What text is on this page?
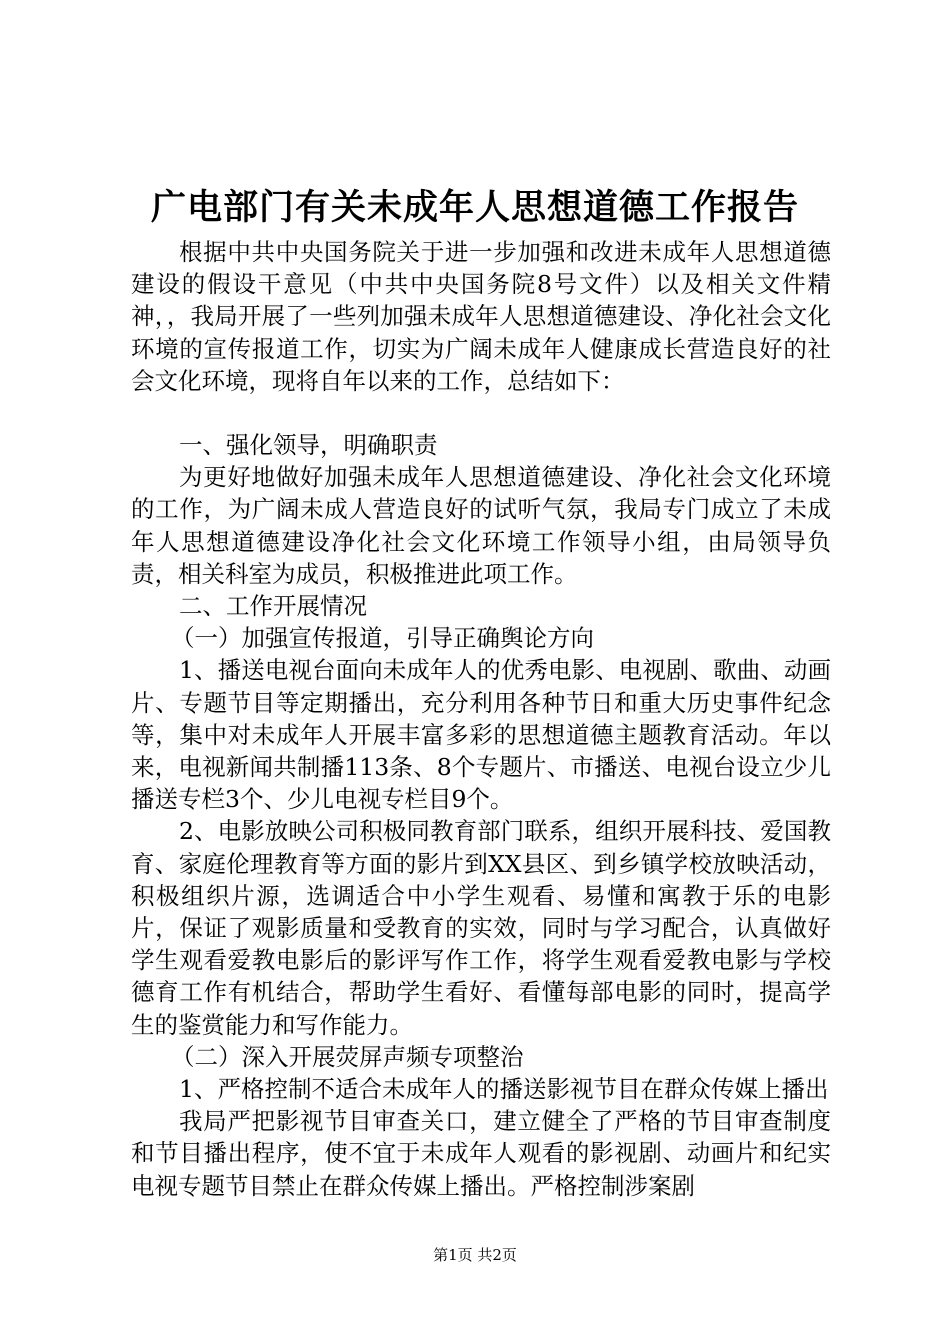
广电部门有关未成年人思想道德工作报告

根据中共中央国务院关于进一步加强和改进未成年人思想道德建设的假设干意见（中共中央国务院8号文件）以及相关文件精神，，我局开展了一些列加强未成年人思想道德建设、净化社会文化环境的宣传报道工作，切实为广阔未成年人健康成长营造良好的社会文化环境，现将自年以来的工作，总结如下：

一、强化领导，明确职责

为更好地做好加强未成年人思想道德建设、净化社会文化环境的工作，为广阔未成人营造良好的试听气氛，我局专门成立了未成年人思想道德建设净化社会文化环境工作领导小组，由局领导负责，相关科室为成员，积极推进此项工作。

二、工作开展情况

（一）加强宣传报道，引导正确舆论方向

1、播送电视台面向未成年人的优秀电影、电视剧、歌曲、动画片、专题节目等定期播出，充分利用各种节日和重大历史事件纪念等，集中对未成年人开展丰富多彩的思想道德主题教育活动。年以来，电视新闻共制播113条、8个专题片、市播送、电视台设立少儿播送专栏3个、少儿电视专栏目9个。

2、电影放映公司积极同教育部门联系，组织开展科技、爱国教育、家庭伦理教育等方面的影片到XX县区、到乡镇学校放映活动，积极组织片源，选调适合中小学生观看、易懂和寓教于乐的电影片，保证了观影质量和受教育的实效，同时与学习配合，认真做好学生观看爱教电影后的影评写作工作，将学生观看爱教电影与学校德育工作有机结合，帮助学生看好、看懂每部电影的同时，提高学生的鉴赏能力和写作能力。

（二）深入开展荧屏声频专项整治

1、严格控制不适合未成年人的播送影视节目在群众传媒上播出

我局严把影视节目审查关口，建立健全了严格的节目审查制度和节目播出程序，使不宜于未成年人观看的影视剧、动画片和纪实电视专题节目禁止在群众传媒上播出。严格控制涉案剧

第1页 共2页
